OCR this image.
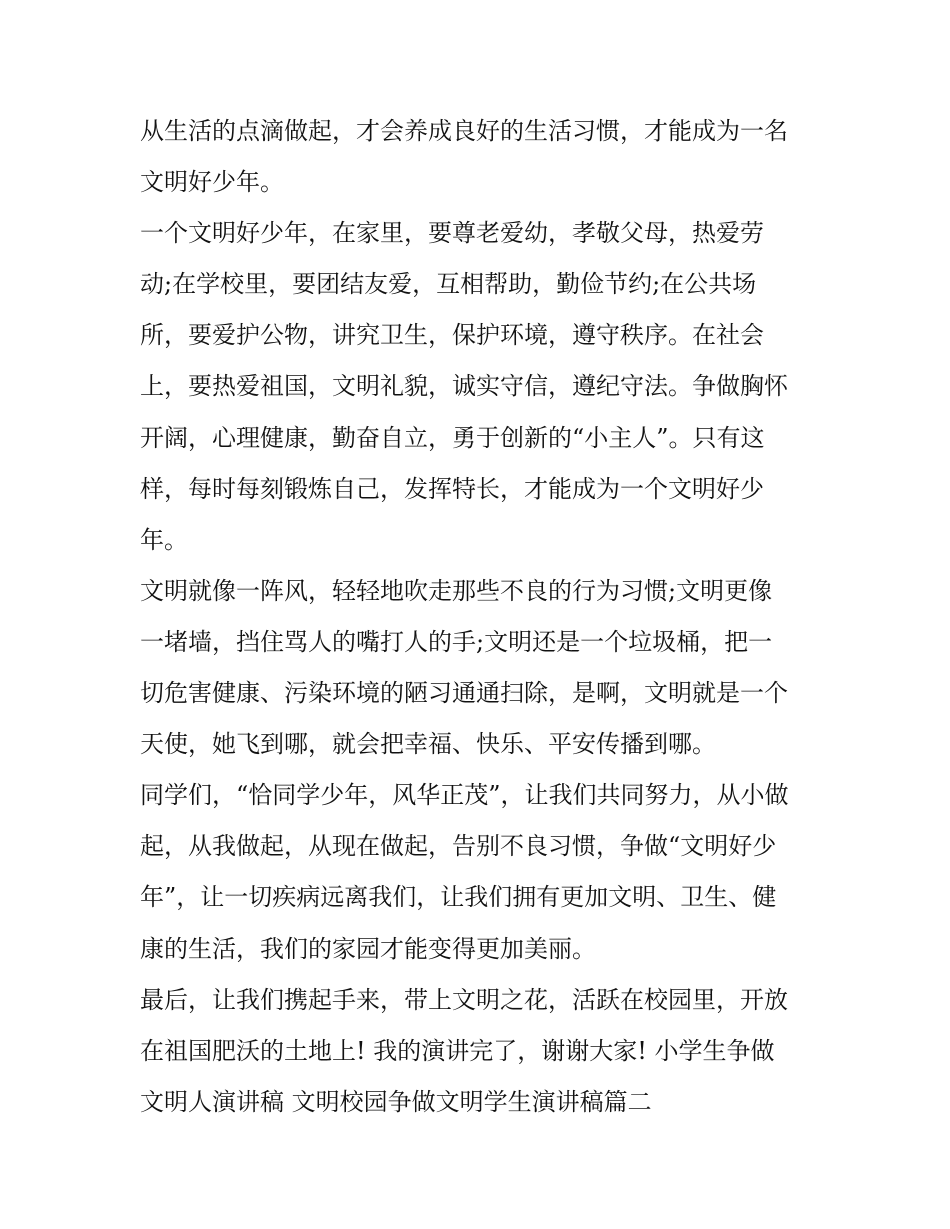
从生活的点滴做起，才会养成良好的生活习惯，才能成为一名
文明好少年。
一个文明好少年，在家里，要尊老爱幼，孝敬父母，热爱劳
动;在学校里，要团结友爱，互相帮助，勤俭节约;在公共场
所，要爱护公物，讲究卫生，保护环境，遵守秩序。在社会
上，要热爱祖国，文明礼貌，诚实守信，遵纪守法。争做胸怀
开阔，心理健康，勤奋自立，勇于创新的“小主人”。只有这
样，每时每刻锻炼自己，发挥特长，才能成为一个文明好少
年。
文明就像一阵风，轻轻地吹走那些不良的行为习惯;文明更像
一堵墙，挡住骂人的嘴打人的手;文明还是一个垃圾桶，把一
切危害健康、污染环境的陋习通通扫除，是啊，文明就是一个
天使，她飞到哪，就会把幸福、快乐、平安传播到哪。
同学们，“恰同学少年，风华正茂”，让我们共同努力，从小做
起，从我做起，从现在做起，告别不良习惯，争做“文明好少
年”，让一切疾病远离我们，让我们拥有更加文明、卫生、健
康的生活，我们的家园才能变得更加美丽。
最后，让我们携起手来，带上文明之花，活跃在校园里，开放
在祖国肥沃的土地上! 我的演讲完了，谢谢大家! 小学生争做
文明人演讲稿 文明校园争做文明学生演讲稿篇二
